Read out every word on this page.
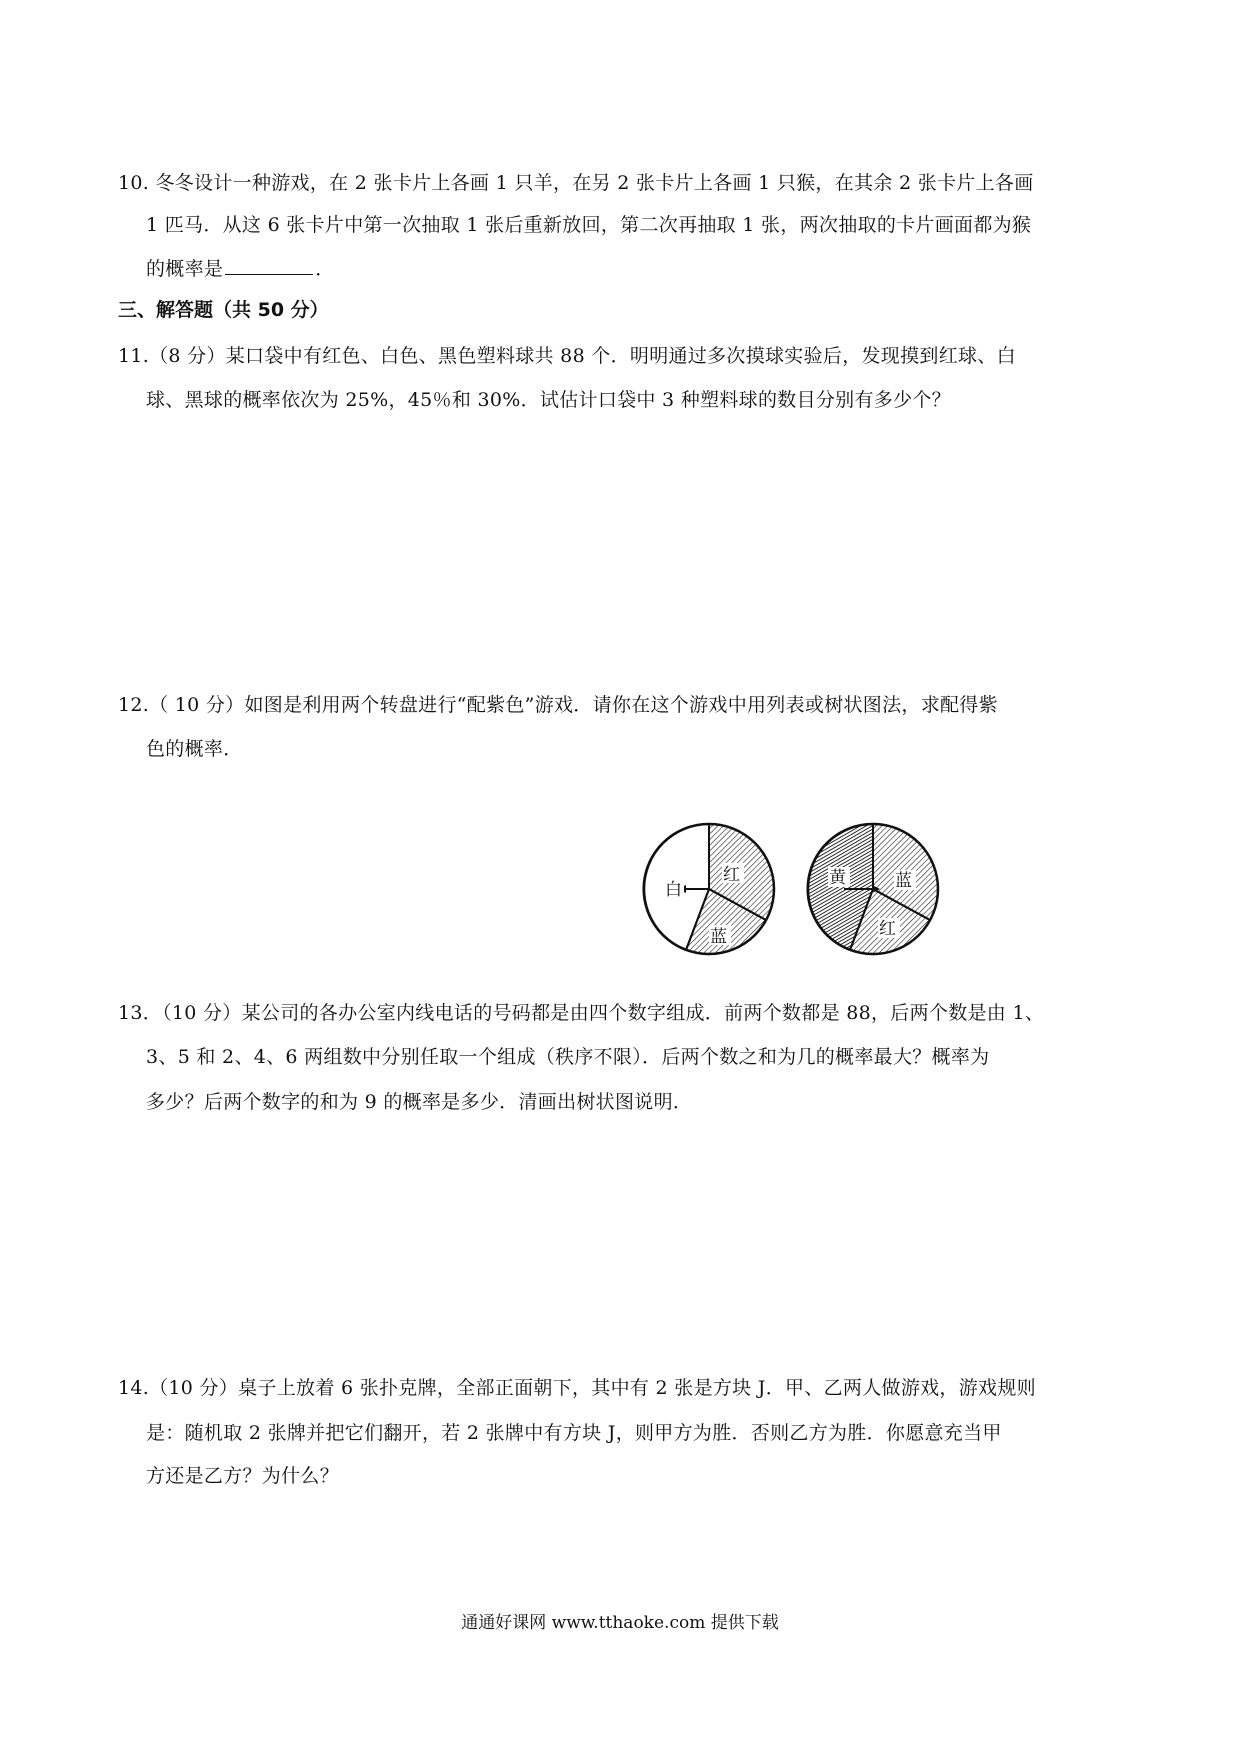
10. 冬冬设计一种游戏，在 2 张卡片上各画 1 只羊，在另 2 张卡片上各画 1 只猴，在其余 2 张卡片上各画
1 匹马．从这 6 张卡片中第一次抽取 1 张后重新放回，第二次再抽取 1 张，两次抽取的卡片画面都为猴
的概率是	．
三、解答题（共 50 分）
11.（8 分）某口袋中有红色、白色、黑色塑料球共 88 个．明明通过多次摸球实验后，发现摸到红球、白
球、黑球的概率依次为 25%，45％和 30%．试估计口袋中 3 种塑料球的数目分别有多少个？
12.（ 10 分）如图是利用两个转盘进行“配紫色”游戏．请你在这个游戏中用列表或树状图法，求配得紫
色的概率．
红
白
蓝
黄	蓝
红
13．（10 分）某公司的各办公室内线电话的号码都是由四个数字组成．前两个数都是 88，后两个数是由 1、
3、5 和 2、4、6 两组数中分别任取一个组成（秩序不限）．后两个数之和为几的概率最大？概率为
多少？后两个数字的和为 9 的概率是多少．清画出树状图说明．
14.（10 分）桌子上放着 6 张扑克牌，全部正面朝下，其中有 2 张是方块 J．甲、乙两人做游戏，游戏规则
是：随机取 2 张牌并把它们翻开，若 2 张牌中有方块 J，则甲方为胜．否则乙方为胜．你愿意充当甲
方还是乙方？为什么？
通通好课网 www.tthaoke.com 提供下载
